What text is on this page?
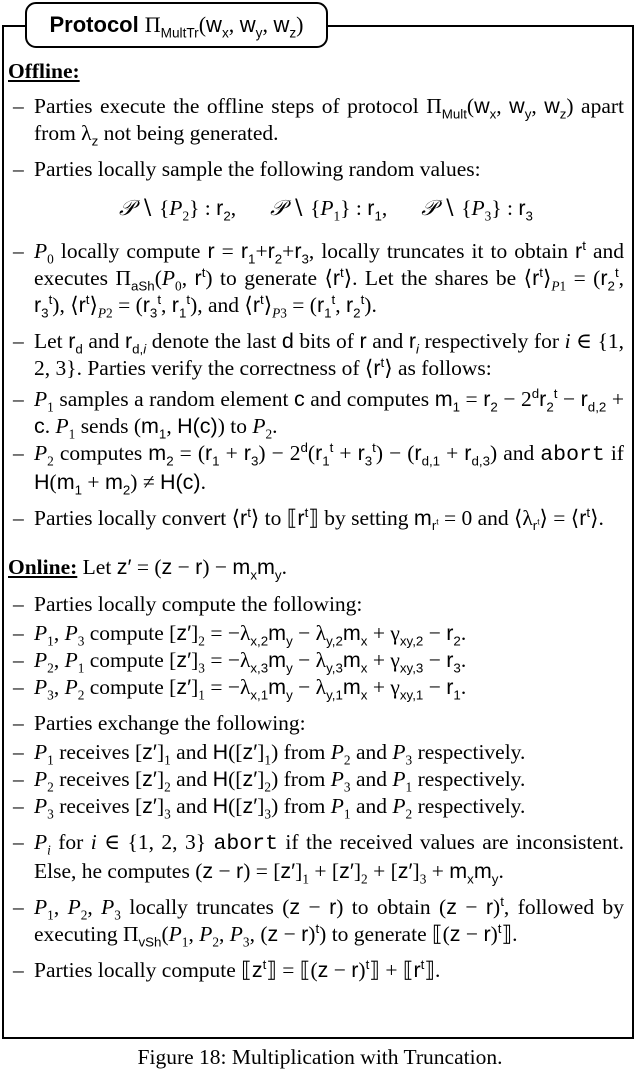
Protocol $\Pi_{MultTr}$ ($w_x$, $w_y$, $w_z$)
Offline:
– Parties execute the offline steps of protocol $\Pi_{Mult}(w_x$, $w_y$, $w_z$) apart from $\lambda_z$ not being generated.
– Parties locally sample the following random values:
𝒫 ∖ $\{P_2\}$ : $r_2$, 𝒫 ∖ $\{P_1\}$ : $r_1$, 𝒫 ∖ $\{P_3\}$ : $r_3$
– $P_0$ locally compute $r = r_1+r_2+r_3$, locally truncates it to obtain $r^t$ and executes $\Pi_{aSh}(P_0$, $r^t$) to generate $⟨r^t⟩$. Let the shares be $⟨r^t⟩_{P1} = (r_2^t$, $r_3^t$), $⟨r^t⟩_{P2} = (r_3^t$, $r_1^t$), and $⟨r^t⟩_{P3} = (r_1^t$, $r_2^t$).
– Let $r_d$ and $r_{d,i}$ denote the last d bits of r and $r_i$ respectively for i ∈ {1, 2, 3}. Parties verify the correctness of $⟨r^t⟩$ as follows:
– $P_1$ samples a random element c and computes $m_1 = r_2 - 2^dr_2^t - r_{d,2} + c$. $P_1$ sends ($m_1$, H(c)) to $P_2$.
– $P_2$ computes $m_2 = (r_1 + r_3) - 2^d(r_1^t + r_3^t) - (r_{d,1} + r_{d,3})$ and abort if $H(m_1 + m_2) \ne H(c)$.
– Parties locally convert $⟨r^t⟩$ to $⟦r^t⟧$ by setting $m_{r^t} = 0$ and $⟨\lambda_{r^t}⟩$ = $⟨r^t⟩$.
Online: Let $z' = (z - r) - m_xm_y$.
– Parties locally compute the following:
– $P_1$, $P_3$ compute $[z']_2 = -\lambda_{x,2}m_y - \lambda_{y,2}m_x + \gamma_{xy,2} - r_2$.
– $P_2$, $P_1$ compute $[z']_3 = -\lambda_{x,3}m_y - \lambda_{y,3}m_x + \gamma_{xy,3} - r_3$.
– $P_3$, $P_2$ compute $[z']_1 = -\lambda_{x,1}m_y - \lambda_{y,1}m_x + \gamma_{xy,1} - r_1$.
– Parties exchange the following:
– $P_1$ receives $[z']_1$ and $H([z']_1)$ from $P_2$ and $P_3$ respectively.
– $P_2$ receives $[z']_2$ and $H([z']_2)$ from $P_3$ and $P_1$ respectively.
– $P_3$ receives $[z']_3$ and $H([z']_3)$ from $P_1$ and $P_2$ respectively.
– $P_i$ for i ∈ {1, 2, 3} abort if the received values are inconsistent. Else, he computes $(z - r) = [z']_1 + [z']_2 + [z']_3 + m_xm_y$.
– $P_1$, $P_2$, $P_3$ locally truncates (z − r) to obtain $(z - r)^t$, followed by executing $\Pi_{vSh}(P_1$, $P_2$, $P_3$, $(z - r)^t$) to generate ⟦(z − r)$^t$⟧.
– Parties locally compute $⟦z^t⟧$ = ⟦(z − r)$^t$⟧ + $⟦r^t⟧$.
Figure 18: Multiplication with Truncation.
